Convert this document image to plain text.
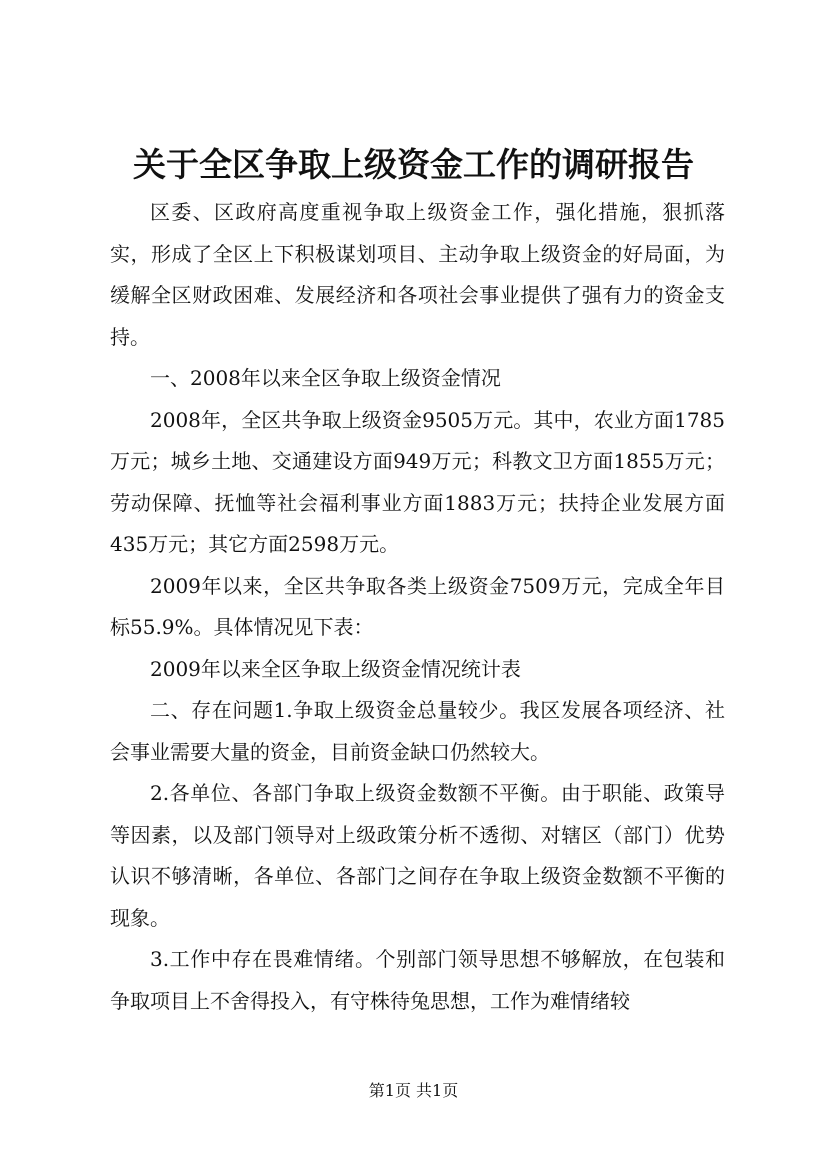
关于全区争取上级资金工作的调研报告

区委、区政府高度重视争取上级资金工作，强化措施，狠抓落实，形成了全区上下积极谋划项目、主动争取上级资金的好局面，为缓解全区财政困难、发展经济和各项社会事业提供了强有力的资金支持。

一、2008年以来全区争取上级资金情况

2008年，全区共争取上级资金9505万元。其中，农业方面1785万元；城乡土地、交通建设方面949万元；科教文卫方面1855万元；劳动保障、抚恤等社会福利事业方面1883万元；扶持企业发展方面435万元；其它方面2598万元。

2009年以来，全区共争取各类上级资金7509万元，完成全年目标55.9%。具体情况见下表：

2009年以来全区争取上级资金情况统计表

二、存在问题1.争取上级资金总量较少。我区发展各项经济、社会事业需要大量的资金，目前资金缺口仍然较大。

2.各单位、各部门争取上级资金数额不平衡。由于职能、政策导等因素，以及部门领导对上级政策分析不透彻、对辖区（部门）优势认识不够清晰，各单位、各部门之间存在争取上级资金数额不平衡的现象。

3.工作中存在畏难情绪。个别部门领导思想不够解放，在包装和争取项目上不舍得投入，有守株待兔思想，工作为难情绪较

第1页 共1页
